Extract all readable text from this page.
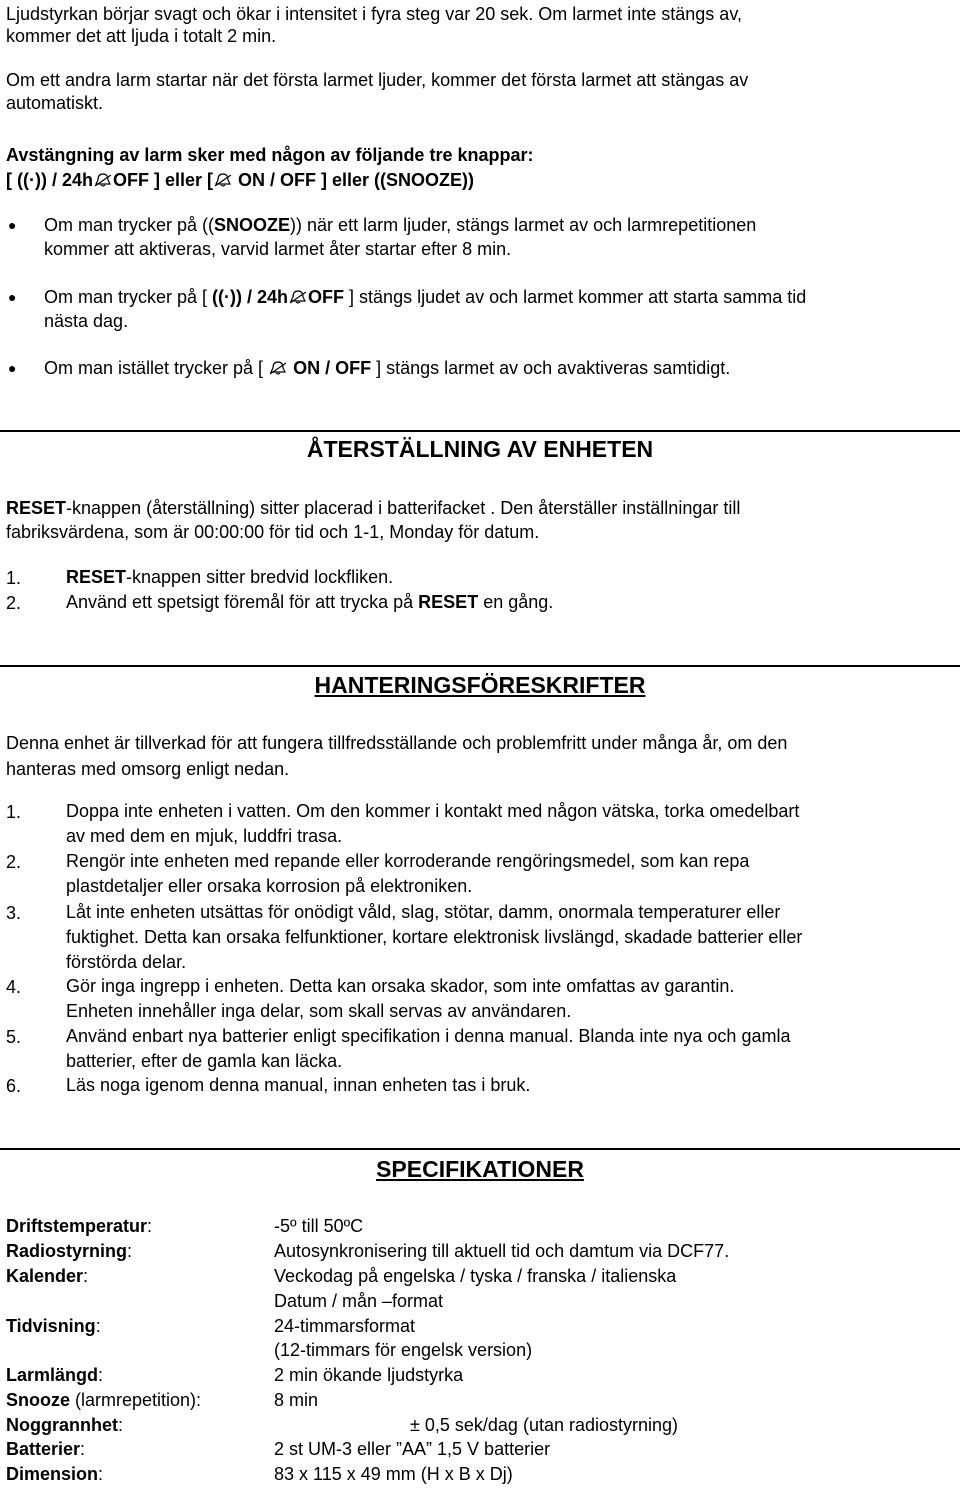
Ljudstyrkan börjar svagt och ökar i intensitet i fyra steg var 20 sek. Om larmet inte stängs av,
kommer det att ljuda i totalt 2 min.
Om ett andra larm startar när det första larmet ljuder, kommer det första larmet att stängas av
automatiskt.
Avstängning av larm sker med någon av följande tre knappar:
[ ((·)) / 24h OFF ] eller [ ON / OFF ] eller ((SNOOZE))
● Om man trycker på ((SNOOZE)) när ett larm ljuder, stängs larmet av och larmrepetitionen
kommer att aktiveras, varvid larmet åter startar efter 8 min.
● Om man trycker på [ ((·)) / 24h OFF ] stängs ljudet av och larmet kommer att starta samma tid
nästa dag.
● Om man istället trycker på [  ON / OFF ] stängs larmet av och avaktiveras samtidigt.
ÅTERSTÄLLNING AV ENHETEN
RESET-knappen (återställning) sitter placerad i batterifacket . Den återställer inställningar till
fabriksvärdena, som är 00:00:00 för tid och 1-1, Monday för datum.
1. RESET-knappen sitter bredvid lockfliken.
2. Använd ett spetsigt föremål för att trycka på RESET en gång.
HANTERINGSFÖRESKRIFTER
Denna enhet är tillverkad för att fungera tillfredsställande och problemfritt under många år, om den
hanteras med omsorg enligt nedan.
1. Doppa inte enheten i vatten. Om den kommer i kontakt med någon vätska, torka omedelbart
av med dem en mjuk, luddfri trasa.
2. Rengör inte enheten med repande eller korroderande rengöringsmedel, som kan repa
plastdetaljer eller orsaka korrosion på elektroniken.
3. Låt inte enheten utsättas för onödigt våld, slag, stötar, damm, onormala temperaturer eller
fuktighet. Detta kan orsaka felfunktioner, kortare elektronisk livslängd, skadade batterier eller
förstörda delar.
4. Gör inga ingrepp i enheten. Detta kan orsaka skador, som inte omfattas av garantin.
Enheten innehåller inga delar, som skall servas av användaren.
5. Använd enbart nya batterier enligt specifikation i denna manual. Blanda inte nya och gamla
batterier, efter de gamla kan läcka.
6. Läs noga igenom denna manual, innan enheten tas i bruk.
SPECIFIKATIONER
Driftstemperatur:	-5º till 50ºC
Radiostyrning:	Autosynkronisering till aktuell tid och damtum via DCF77.
Kalender:	Veckodag på engelska / tyska / franska / italienska
Datum / mån –format
Tidvisning:	24-timmarsformat
(12-timmars för engelsk version)
Larmlängd:	2 min ökande ljudstyrka
Snooze (larmrepetition):	8 min
Noggrannhet:	± 0,5 sek/dag (utan radiostyrning)
Batterier:	2 st UM-3 eller ”AA” 1,5 V batterier
Dimension:	83 x 115 x 49 mm (H x B x Dj)
